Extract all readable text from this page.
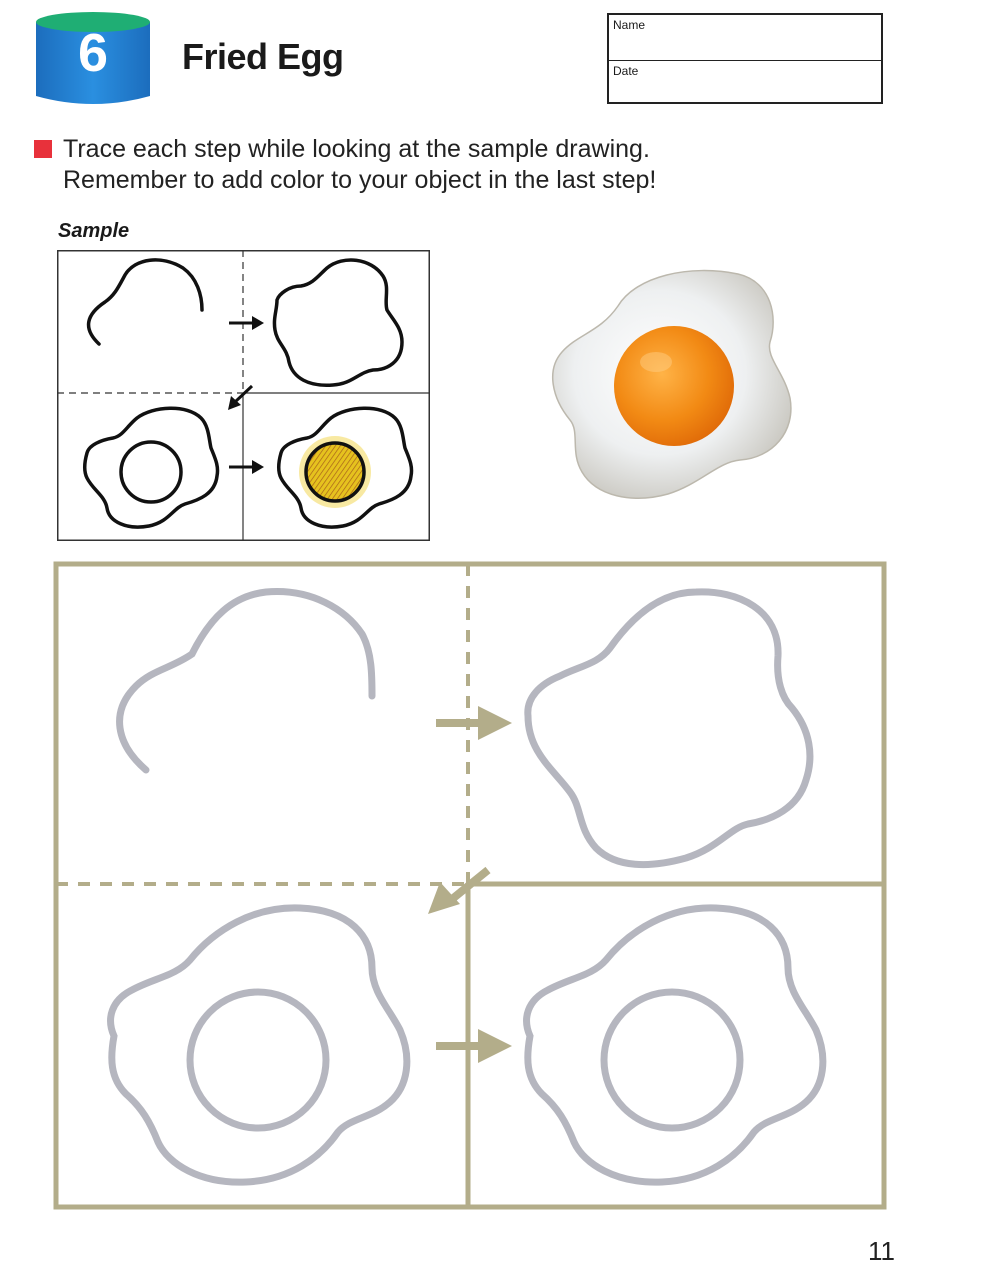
6	Fried Egg
Name
Date
Trace each step while looking at the sample drawing.
Remember to add color to your object in the last step!
Sample
11
